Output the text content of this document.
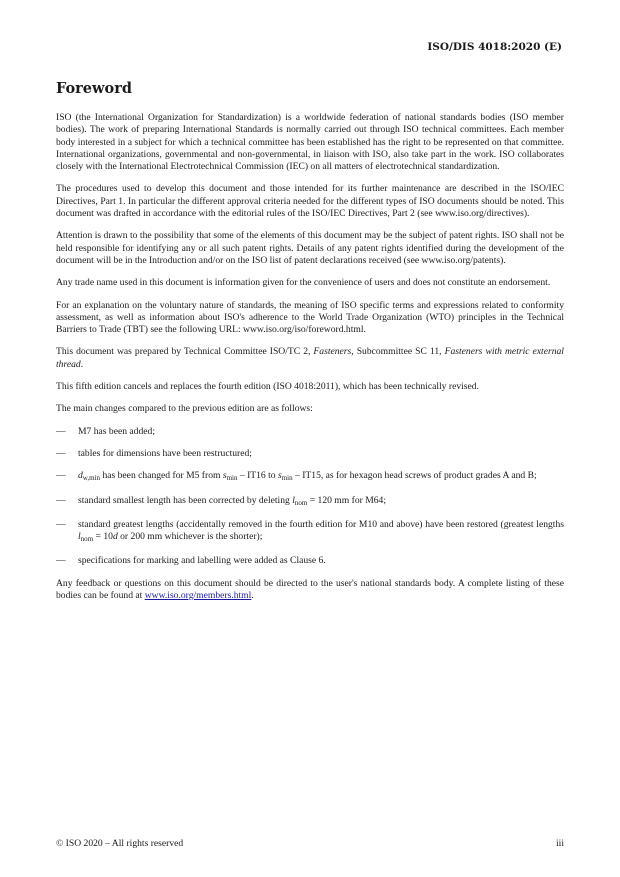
ISO/DIS 4018:2020 (E)
Foreword

ISO (the International Organization for Standardization) is a worldwide federation of national standards bodies (ISO member bodies). The work of preparing International Standards is normally carried out through ISO technical committees. Each member body interested in a subject for which a technical committee has been established has the right to be represented on that committee. International organizations, governmental and non-governmental, in liaison with ISO, also take part in the work. ISO collaborates closely with the International Electrotechnical Commission (IEC) on all matters of electrotechnical standardization.

The procedures used to develop this document and those intended for its further maintenance are described in the ISO/IEC Directives, Part 1. In particular the different approval criteria needed for the different types of ISO documents should be noted. This document was drafted in accordance with the editorial rules of the ISO/IEC Directives, Part 2 (see www.iso.org/directives).

Attention is drawn to the possibility that some of the elements of this document may be the subject of patent rights. ISO shall not be held responsible for identifying any or all such patent rights. Details of any patent rights identified during the development of the document will be in the Introduction and/or on the ISO list of patent declarations received (see www.iso.org/patents).

Any trade name used in this document is information given for the convenience of users and does not constitute an endorsement.

For an explanation on the voluntary nature of standards, the meaning of ISO specific terms and expressions related to conformity assessment, as well as information about ISO's adherence to the World Trade Organization (WTO) principles in the Technical Barriers to Trade (TBT) see the following URL: www.iso.org/iso/foreword.html.

This document was prepared by Technical Committee ISO/TC 2, Fasteners, Subcommittee SC 11, Fasteners with metric external thread.

This fifth edition cancels and replaces the fourth edition (ISO 4018:2011), which has been technically revised.

The main changes compared to the previous edition are as follows:

—	M7 has been added;
—	tables for dimensions have been restructured;
—	$d_{w,min}$ has been changed for M5 from $s_{min} - IT16$ to $s_{min} - IT15$, as for hexagon head screws of product grades A and B;
—	standard smallest length has been corrected by deleting $l_{nom} = 120$ mm for M64;
—	standard greatest lengths (accidentally removed in the fourth edition for M10 and above) have been restored (greatest lengths $l_{nom} = 10d$ or 200 mm whichever is the shorter);
—	specifications for marking and labelling were added as Clause 6.

Any feedback or questions on this document should be directed to the user's national standards body. A complete listing of these bodies can be found at www.iso.org/members.html.

© ISO 2020 – All rights reserved	iii
